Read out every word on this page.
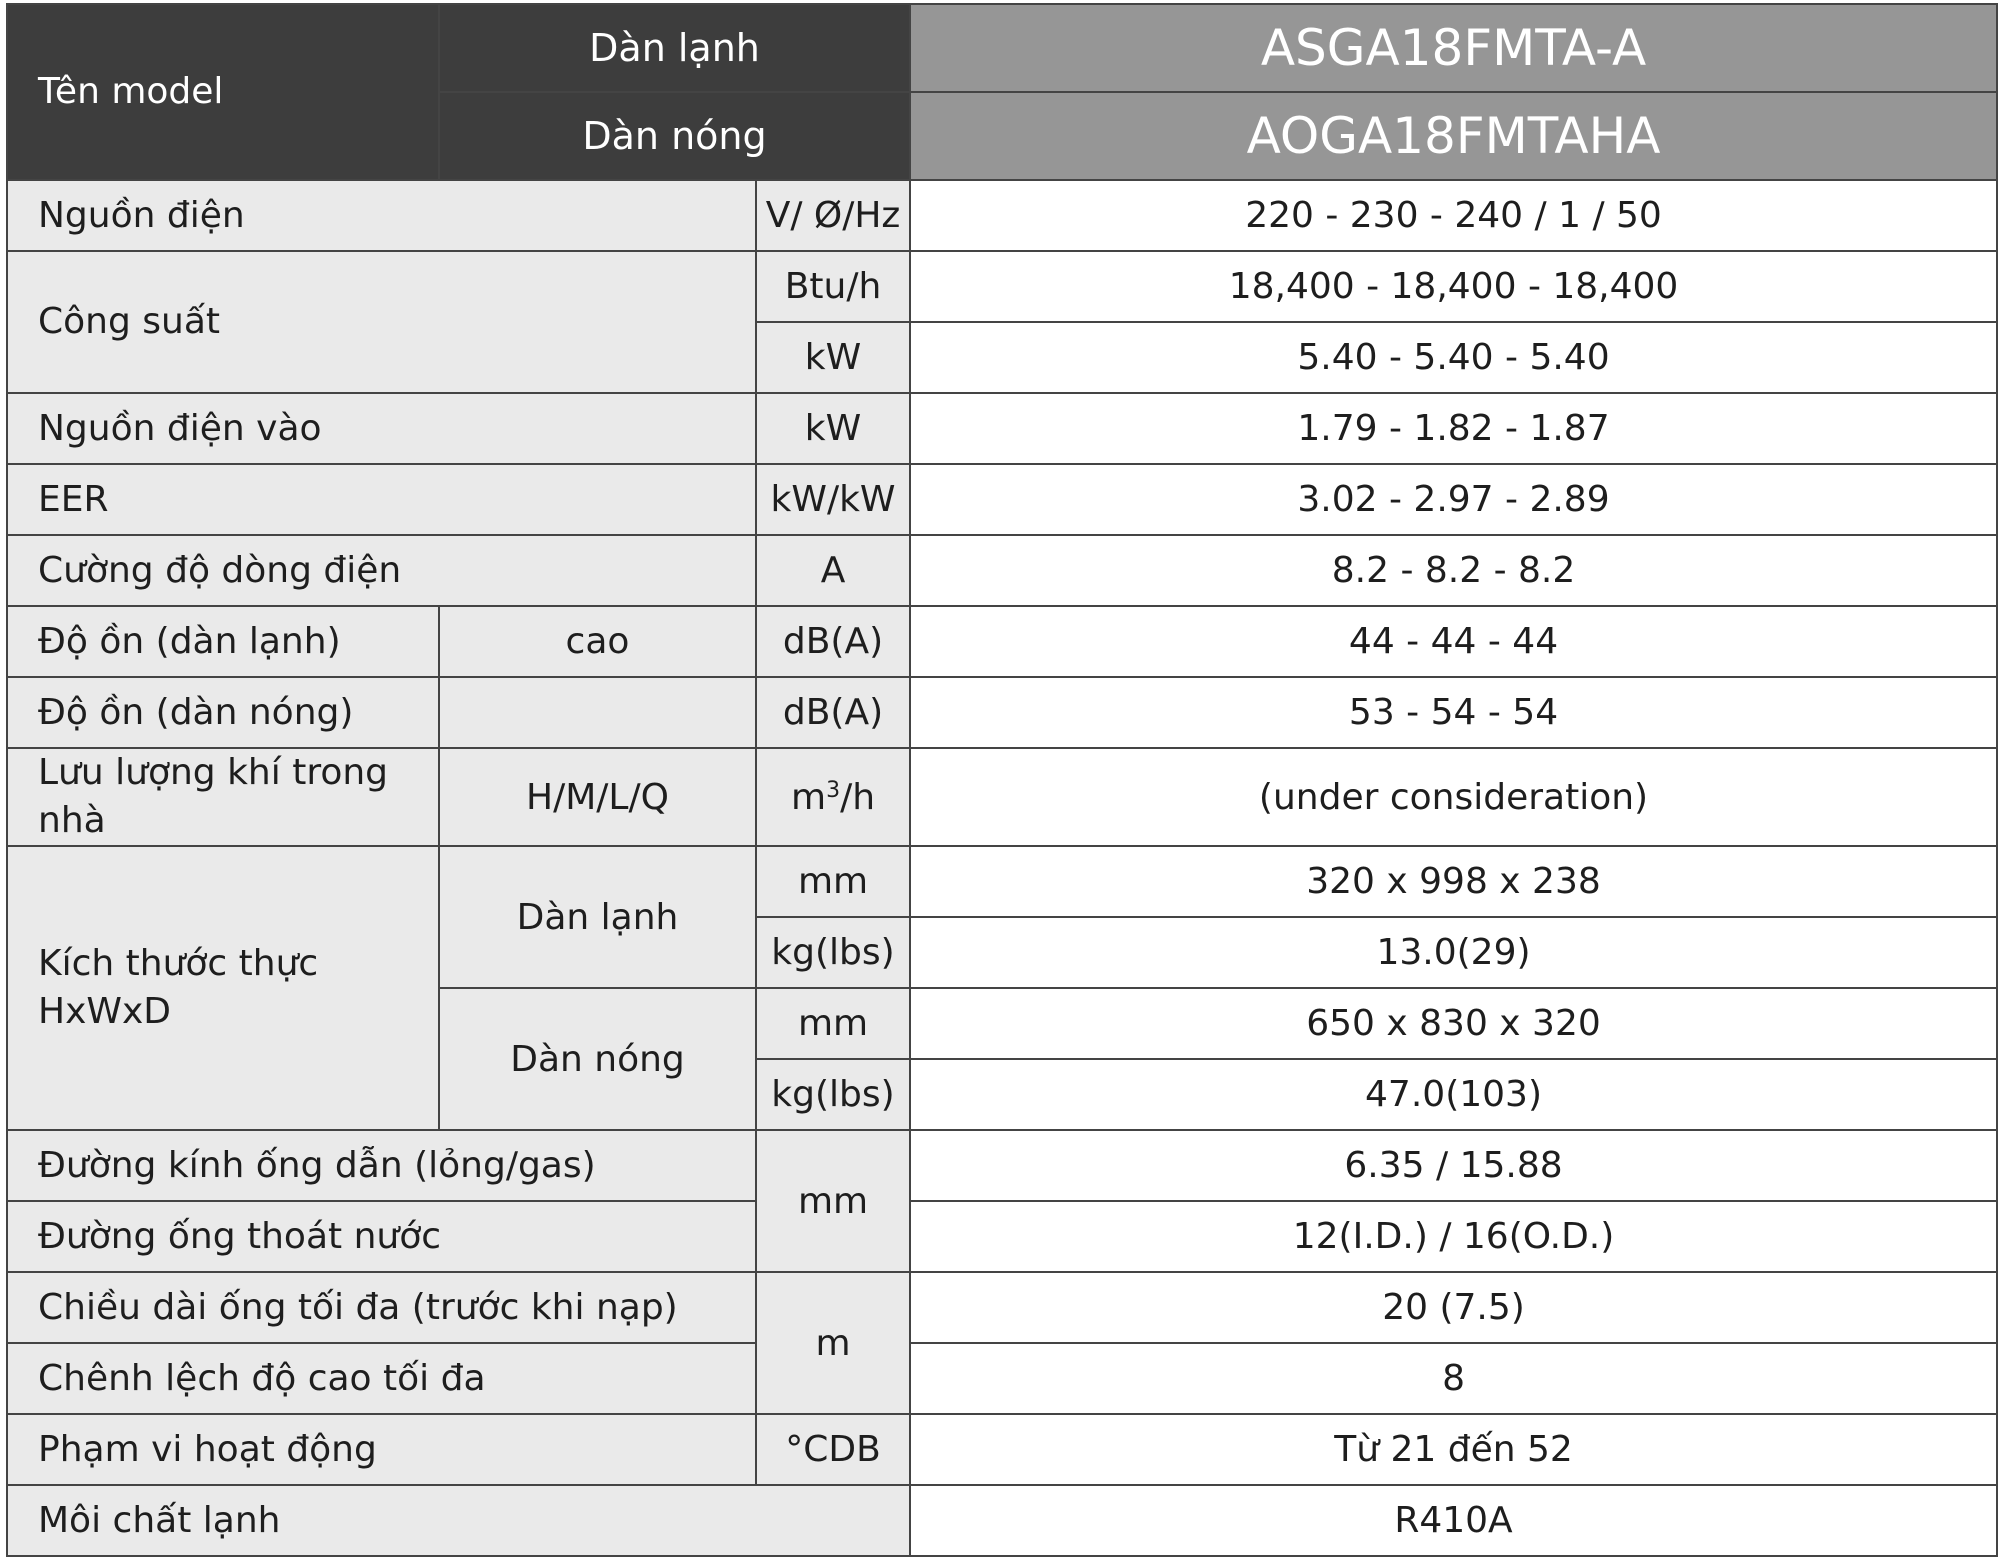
Tên model	Dàn lạnh		ASGA18FMTA-A
	Dàn nóng		AOGA18FMTAHA
Nguồn điện		V/ Ø/Hz	220 - 230 - 240 / 1 / 50
Công suất		Btu/h	18,400 - 18,400 - 18,400
		kW	5.40 - 5.40 - 5.40
Nguồn điện vào		kW	1.79 - 1.82 - 1.87
EER		kW/kW	3.02 - 2.97 - 2.89
Cường độ dòng điện		A	8.2 - 8.2 - 8.2
Độ ồn (dàn lạnh)	cao	dB(A)	44 - 44 - 44
Độ ồn (dàn nóng)		dB(A)	53 - 54 - 54
Lưu lượng khí trong nhà	H/M/L/Q	$m^3/h$	(under consideration)
Kích thước thực
HxWxD	Dàn lạnh	mm	320 x 998 x 238
		kg(lbs)	13.0(29)
	Dàn nóng	mm	650 x 830 x 320
		kg(lbs)	47.0(103)
Đường kính ống dẫn (lỏng/gas)		mm	6.35 / 15.88
Đường ống thoát nước			12(I.D.) / 16(O.D.)
Chiều dài ống tối đa (trước khi nạp)		m	20 (7.5)
Chênh lệch độ cao tối đa			8
Phạm vi hoạt động		°CDB	Từ 21 đến 52
Môi chất lạnh			R410A
